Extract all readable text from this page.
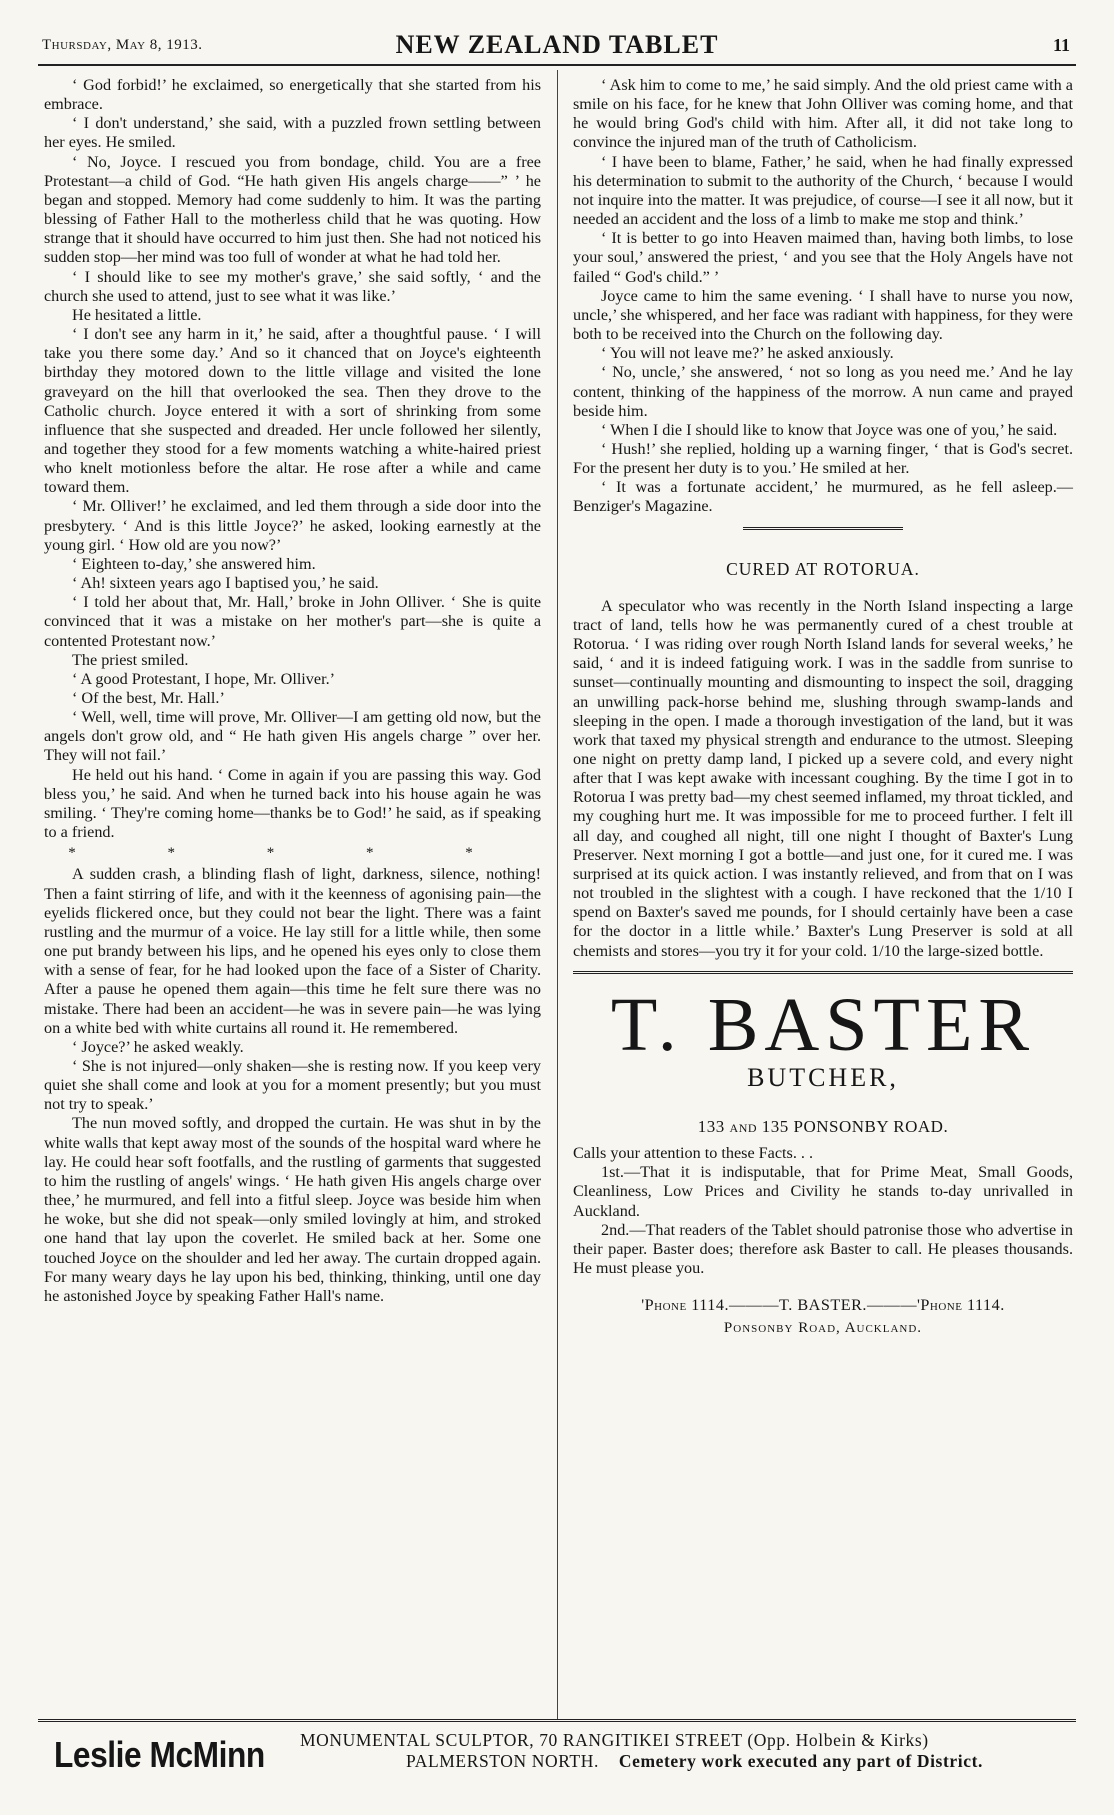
Thursday, May 8, 1913.	NEW ZEALAND TABLET	11

‘ God forbid!’ he exclaimed, so energetically that she started from his embrace.

‘ I don't understand,’ she said, with a puzzled frown settling between her eyes. He smiled.

‘ No, Joyce. I rescued you from bondage, child. You are a free Protestant—a child of God. “He hath given His angels charge——” ’ he began and stopped. Memory had come suddenly to him. It was the parting blessing of Father Hall to the motherless child that he was quoting. How strange that it should have occurred to him just then. She had not noticed his sudden stop—her mind was too full of wonder at what he had told her.

‘ I should like to see my mother's grave,’ she said softly, ‘ and the church she used to attend, just to see what it was like.’

He hesitated a little.

‘ I don't see any harm in it,’ he said, after a thoughtful pause. ‘ I will take you there some day.’ And so it chanced that on Joyce's eighteenth birthday they motored down to the little village and visited the lone graveyard on the hill that overlooked the sea. Then they drove to the Catholic church. Joyce entered it with a sort of shrinking from some influence that she suspected and dreaded. Her uncle followed her silently, and together they stood for a few moments watching a white-haired priest who knelt motionless before the altar. He rose after a while and came toward them.

‘ Mr. Olliver!’ he exclaimed, and led them through a side door into the presbytery. ‘ And is this little Joyce?’ he asked, looking earnestly at the young girl. ‘ How old are you now?’

‘ Eighteen to-day,’ she answered him.

‘ Ah! sixteen years ago I baptised you,’ he said.

‘ I told her about that, Mr. Hall,’ broke in John Olliver. ‘ She is quite convinced that it was a mistake on her mother's part—she is quite a contented Protestant now.’

The priest smiled.

‘ A good Protestant, I hope, Mr. Olliver.’

‘ Of the best, Mr. Hall.’

‘ Well, well, time will prove, Mr. Olliver—I am getting old now, but the angels don't grow old, and “ He hath given His angels charge ” over her. They will not fail.’

He held out his hand. ‘ Come in again if you are passing this way. God bless you,’ he said. And when he turned back into his house again he was smiling. ‘ They're coming home—thanks be to God!’ he said, as if speaking to a friend.

* * * * *

A sudden crash, a blinding flash of light, darkness, silence, nothing! Then a faint stirring of life, and with it the keenness of agonising pain—the eyelids flickered once, but they could not bear the light. There was a faint rustling and the murmur of a voice. He lay still for a little while, then some one put brandy between his lips, and he opened his eyes only to close them with a sense of fear, for he had looked upon the face of a Sister of Charity. After a pause he opened them again—this time he felt sure there was no mistake. There had been an accident—he was in severe pain—he was lying on a white bed with white curtains all round it. He remembered.

‘ Joyce?’ he asked weakly.

‘ She is not injured—only shaken—she is resting now. If you keep very quiet she shall come and look at you for a moment presently; but you must not try to speak.’

The nun moved softly, and dropped the curtain. He was shut in by the white walls that kept away most of the sounds of the hospital ward where he lay. He could hear soft footfalls, and the rustling of garments that suggested to him the rustling of angels' wings. ‘ He hath given His angels charge over thee,’ he murmured, and fell into a fitful sleep. Joyce was beside him when he woke, but she did not speak—only smiled lovingly at him, and stroked one hand that lay upon the coverlet. He smiled back at her. Some one touched Joyce on the shoulder and led her away. The curtain dropped again. For many weary days he lay upon his bed, thinking, thinking, until one day he astonished Joyce by speaking Father Hall's name.

‘ Ask him to come to me,’ he said simply. And the old priest came with a smile on his face, for he knew that John Olliver was coming home, and that he would bring God's child with him. After all, it did not take long to convince the injured man of the truth of Catholicism.

‘ I have been to blame, Father,’ he said, when he had finally expressed his determination to submit to the authority of the Church, ‘ because I would not inquire into the matter. It was prejudice, of course—I see it all now, but it needed an accident and the loss of a limb to make me stop and think.’

‘ It is better to go into Heaven maimed than, having both limbs, to lose your soul,’ answered the priest, ‘ and you see that the Holy Angels have not failed “ God's child.” ’

Joyce came to him the same evening. ‘ I shall have to nurse you now, uncle,’ she whispered, and her face was radiant with happiness, for they were both to be received into the Church on the following day.

‘ You will not leave me?’ he asked anxiously.

‘ No, uncle,’ she answered, ‘ not so long as you need me.’ And he lay content, thinking of the happiness of the morrow. A nun came and prayed beside him.

‘ When I die I should like to know that Joyce was one of you,’ he said.

‘ Hush!’ she replied, holding up a warning finger, ‘ that is God's secret. For the present her duty is to you.’ He smiled at her.

‘ It was a fortunate accident,’ he murmured, as he fell asleep.—Benziger's Magazine.

CURED AT ROTORUA.

A speculator who was recently in the North Island inspecting a large tract of land, tells how he was permanently cured of a chest trouble at Rotorua. ‘ I was riding over rough North Island lands for several weeks,’ he said, ‘ and it is indeed fatiguing work. I was in the saddle from sunrise to sunset—continually mounting and dismounting to inspect the soil, dragging an unwilling pack-horse behind me, slushing through swamp-lands and sleeping in the open. I made a thorough investigation of the land, but it was work that taxed my physical strength and endurance to the utmost. Sleeping one night on pretty damp land, I picked up a severe cold, and every night after that I was kept awake with incessant coughing. By the time I got in to Rotorua I was pretty bad—my chest seemed inflamed, my throat tickled, and my coughing hurt me. It was impossible for me to proceed further. I felt ill all day, and coughed all night, till one night I thought of Baxter's Lung Preserver. Next morning I got a bottle—and just one, for it cured me. I was surprised at its quick action. I was instantly relieved, and from that on I was not troubled in the slightest with a cough. I have reckoned that the 1/10 I spend on Baxter's saved me pounds, for I should certainly have been a case for the doctor in a little while.’ Baxter's Lung Preserver is sold at all chemists and stores—you try it for your cold. 1/10 the large-sized bottle.

T. BASTER
BUTCHER,
133 and 135 PONSONBY ROAD.

Calls your attention to these Facts. . .

1st.—That it is indisputable, that for Prime Meat, Small Goods, Cleanliness, Low Prices and Civility he stands to-day unrivalled in Auckland.

2nd.—That readers of the Tablet should patronise those who advertise in their paper. Baster does; therefore ask Baster to call. He pleases thousands. He must please you.

'Phone 1114.———T. BASTER.———'Phone 1114.
Ponsonby Road, Auckland.
Leslie McMinn MONUMENTAL SCULPTOR, 70 RANGITIKEI STREET (Opp. Holbein & Kirks)
PALMERSTON NORTH. Cemetery work executed any part of District.
